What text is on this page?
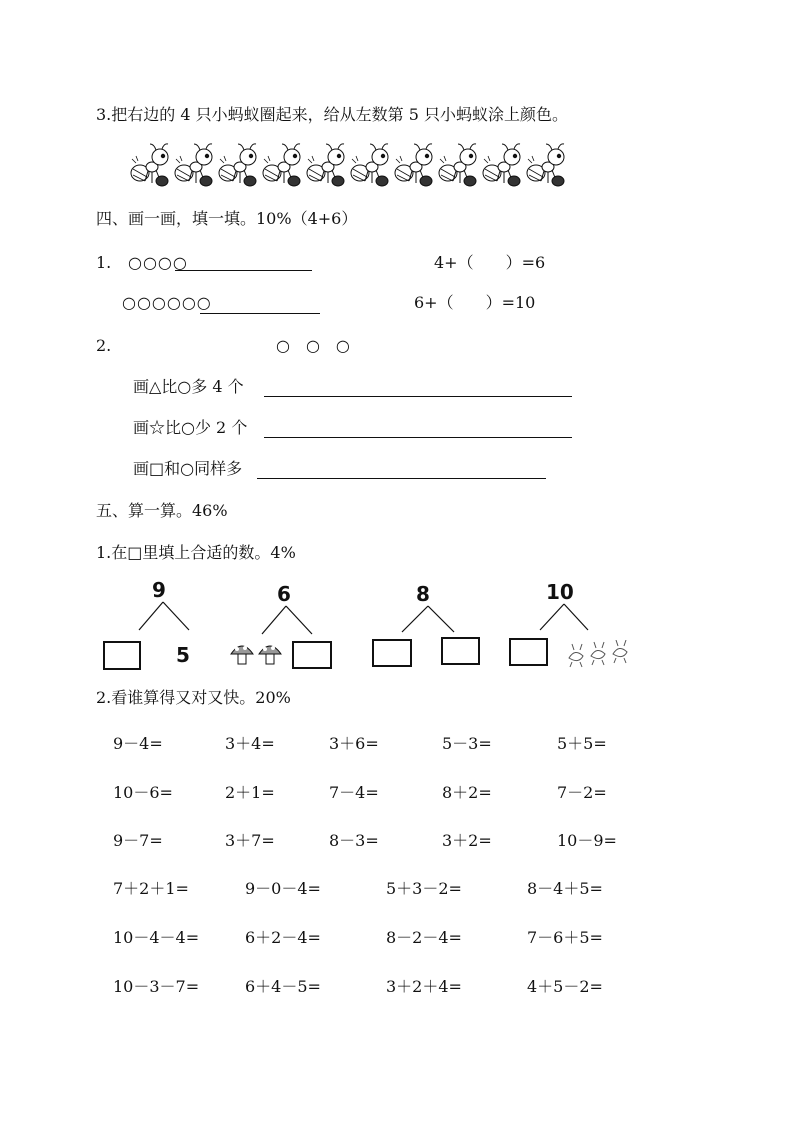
3.把右边的 4 只小蚂蚁圈起来，给从左数第 5 只小蚂蚁涂上颜色。
四、画一画，填一填。10%（4+6）
1. ○○○○	4+（　　）=6
○○○○○○	6+（　　）=10
2.	○　○　○
画△比○多 4 个
画☆比○少 2 个
画□和○同样多
五、算一算。46%
1.在□里填上合适的数。4%
9
5
6	8	10
2.看谁算得又对又快。20%
9－4=	3＋4=	3＋6=	5－3=	5＋5=
10－6=	2＋1=	7－4=	8＋2=	7－2=
9－7=	3＋7=	8－3=	3＋2=	10－9=
7＋2＋1=	9－0－4=	5＋3－2=	8－4＋5=
10－4－4=	6＋2－4=	8－2－4=	7－6＋5=
10－3－7=	6＋4－5=	3＋2＋4=	4＋5－2=
